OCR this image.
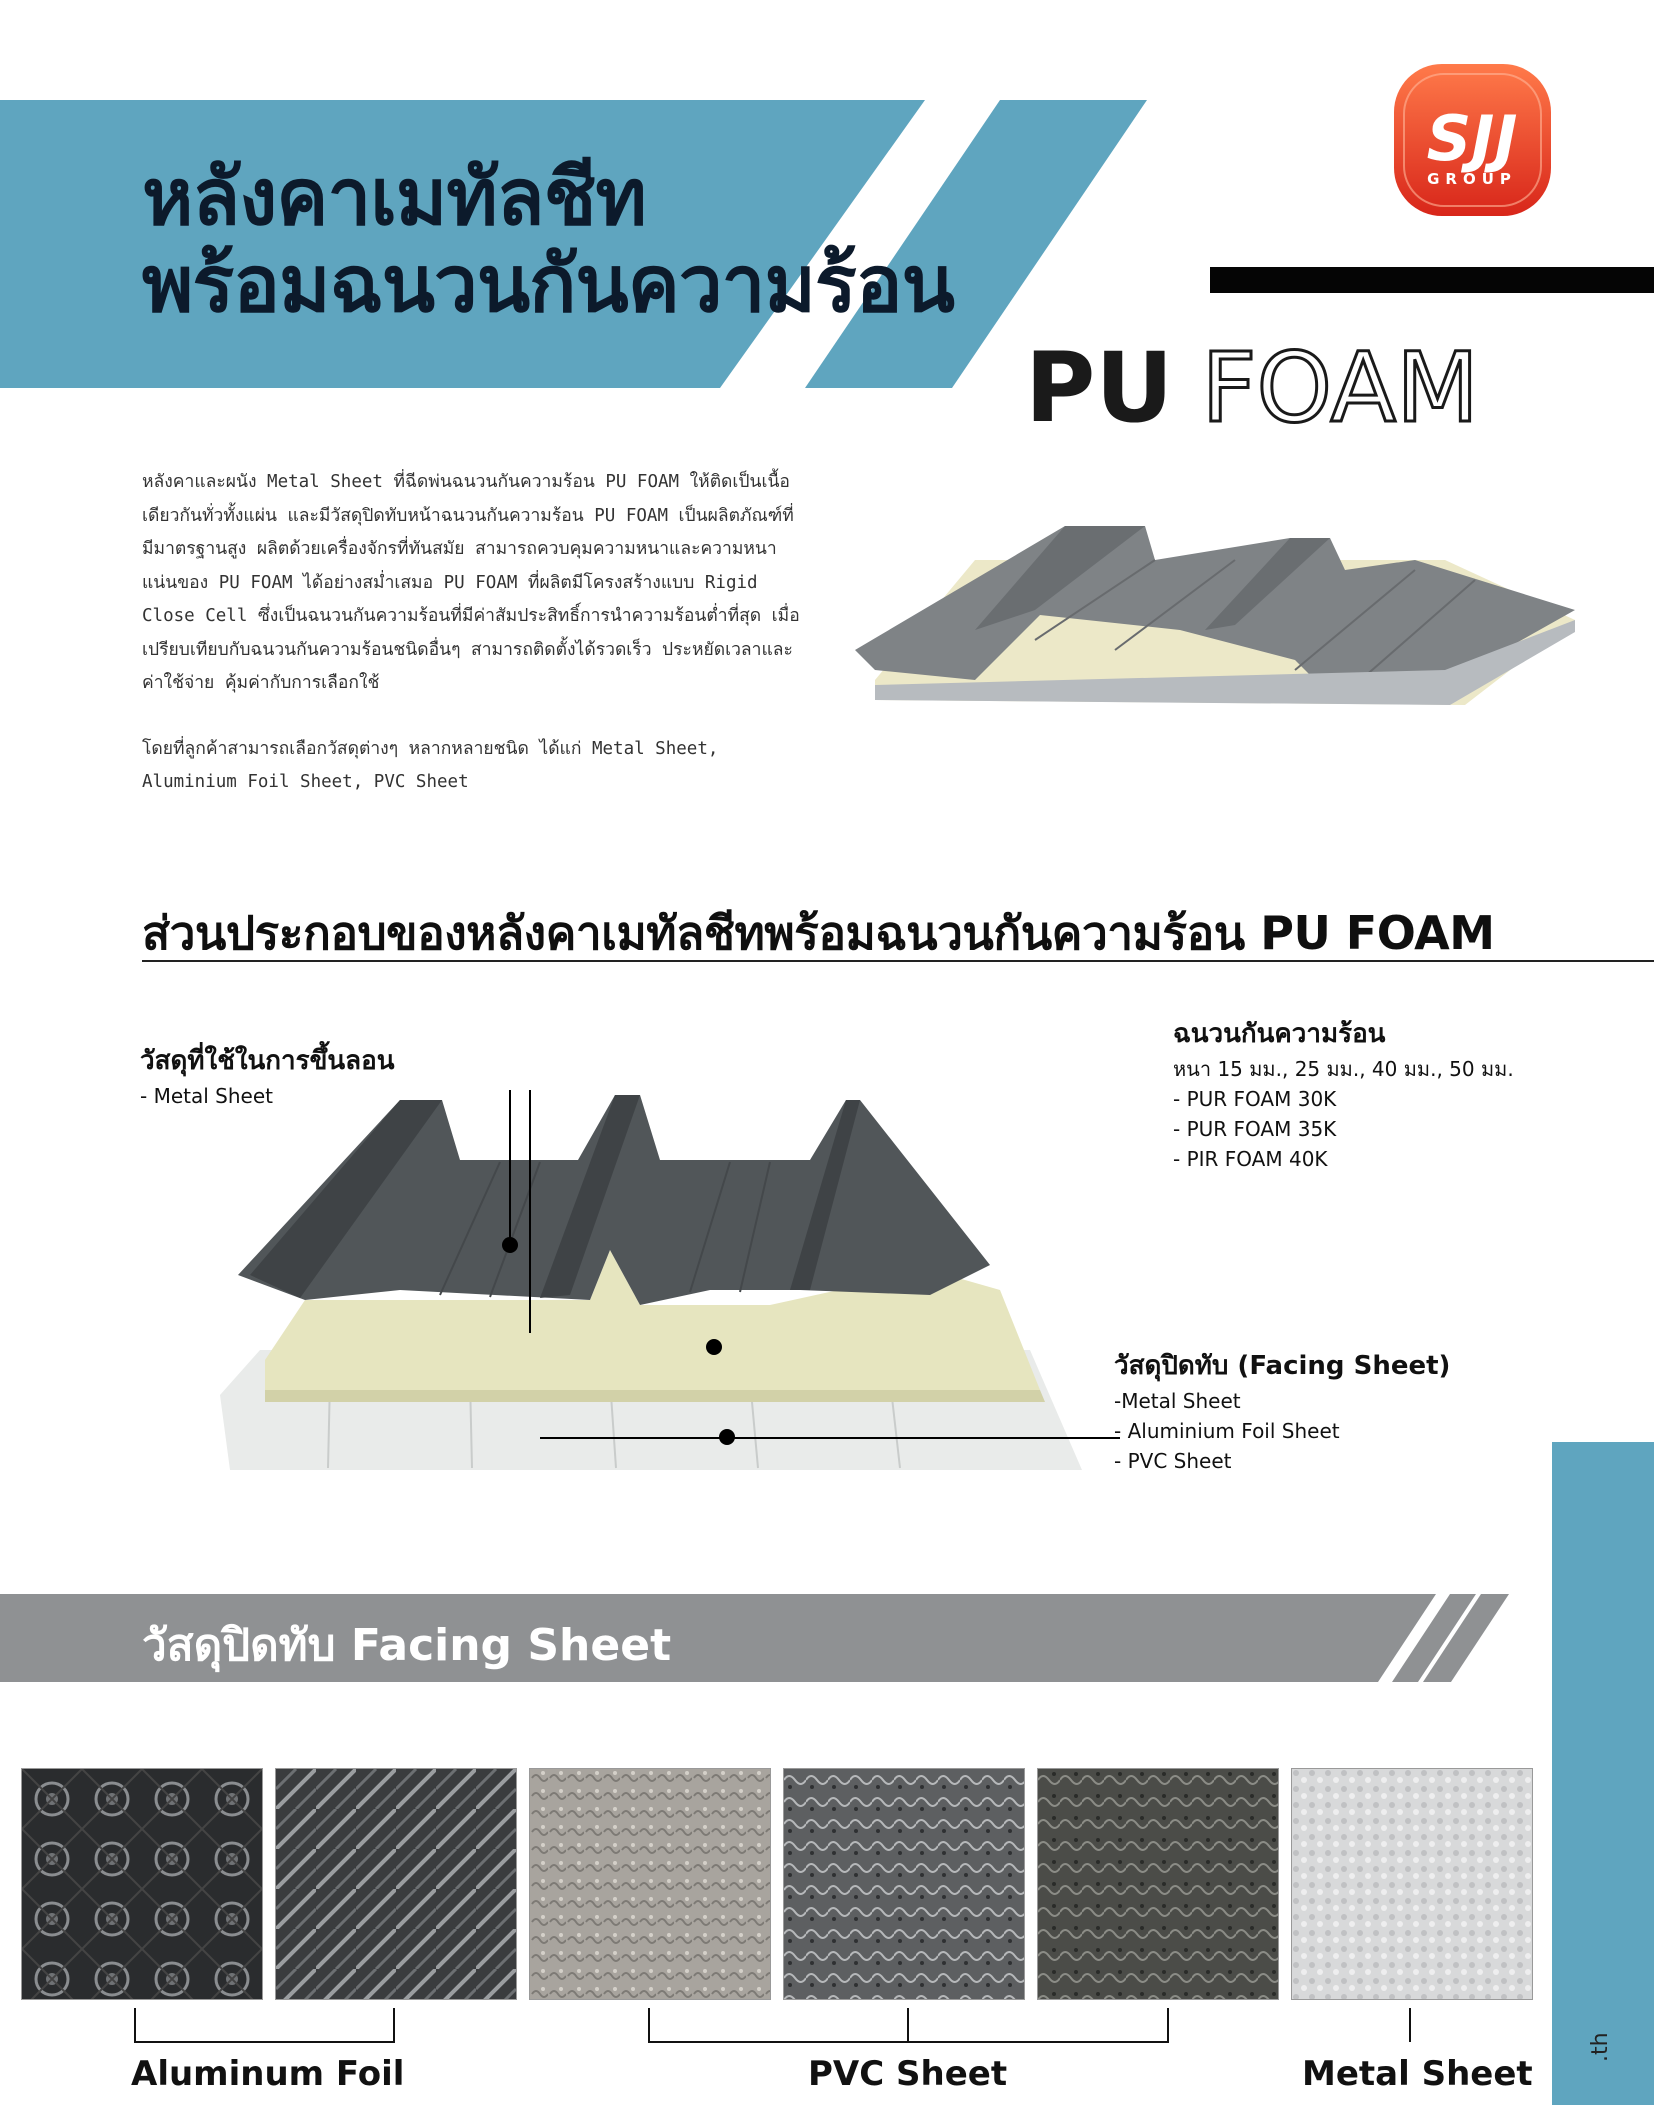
หลังคาเมทัลชีท
พร้อมฉนวนกันความร้อน
SJJ
GROUP
PU FOAM

หลังคาและผนัง Metal Sheet ที่ฉีดพ่นฉนวนกันความร้อน PU FOAM ให้ติดเป็นเนื้อเดียวกันทั่วทั้งแผ่น และมีวัสดุปิดทับหน้าฉนวนกันความร้อน PU FOAM เป็นผลิตภัณฑ์ที่มีมาตรฐานสูง ผลิตด้วยเครื่องจักรที่ทันสมัย สามารถควบคุมความหนาและความหนาแน่นของ PU FOAM ได้อย่างสม่ำเสมอ PU FOAM ที่ผลิตมีโครงสร้างแบบ Rigid Close Cell ซึ่งเป็นฉนวนกันความร้อนที่มีค่าสัมประสิทธิ์การนำความร้อนต่ำที่สุด เมื่อเปรียบเทียบกับฉนวนกันความร้อนชนิดอื่นๆ สามารถติดตั้งได้รวดเร็ว ประหยัดเวลาและค่าใช้จ่าย คุ้มค่ากับการเลือกใช้

โดยที่ลูกค้าสามารถเลือกวัสดุต่างๆ หลากหลายชนิด ได้แก่ Metal Sheet, Aluminium Foil Sheet, PVC Sheet

ส่วนประกอบของหลังคาเมทัลชีทพร้อมฉนวนกันความร้อน PU FOAM
วัสดุที่ใช้ในการขึ้นลอน
- Metal Sheet
ฉนวนกันความร้อน
หนา 15 มม., 25 มม., 40 มม., 50 มม.
- PUR FOAM 30K
- PUR FOAM 35K
- PIR FOAM 40K
วัสดุปิดทับ (Facing Sheet)
-Metal Sheet
- Aluminium Foil Sheet
- PVC Sheet
วัสดุปิดทับ Facing Sheet
.th
Aluminum Foil	PVC Sheet	Metal Sheet
